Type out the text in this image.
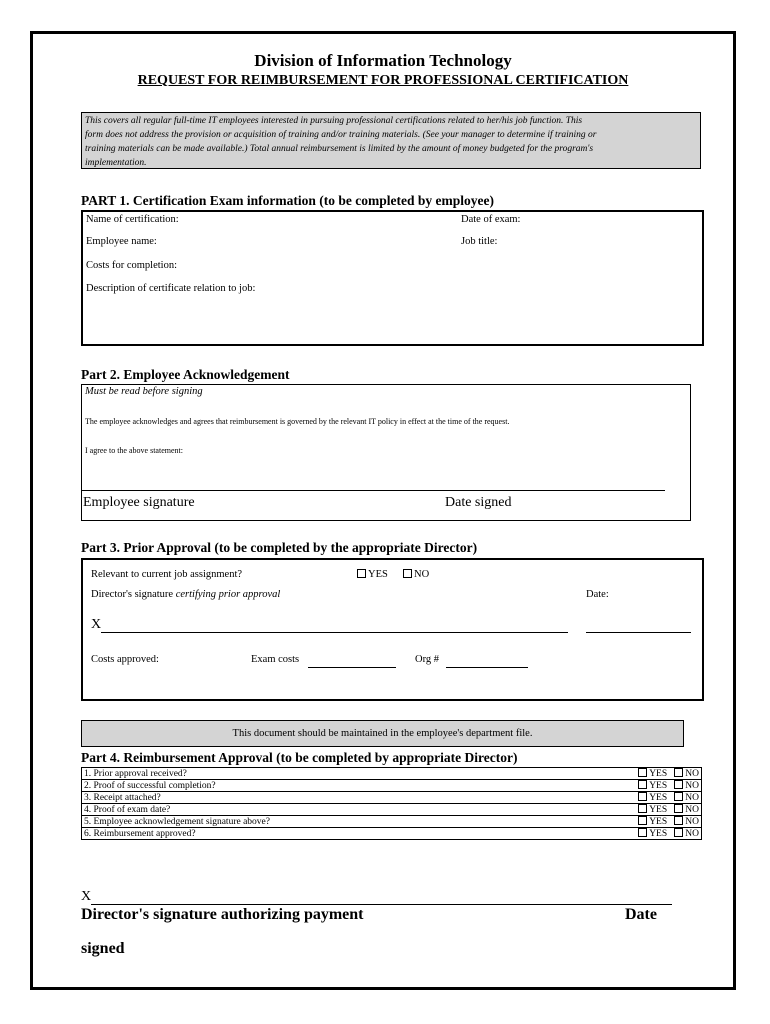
Division of Information Technology
REQUEST FOR REIMBURSEMENT FOR PROFESSIONAL CERTIFICATION
This covers all regular full-time IT employees interested in pursuing professional certifications related to her/his job function. This
form does not address the provision or acquisition of training and/or training materials. (See your manager to determine if training or
training materials can be made available.) Total annual reimbursement is limited by the amount of money budgeted for the program's
implementation.
PART 1. Certification Exam information (to be completed by employee)
Name of certification:	Date of exam:
Employee name:	Job title:
Costs for completion:
Description of certificate relation to job:
Part 2. Employee Acknowledgement
Must be read before signing
The employee acknowledges and agrees that reimbursement is governed by the relevant IT policy in effect at the time of the request.
I agree to the above statement:
Employee signature	Date signed
Part 3. Prior Approval (to be completed by the appropriate Director)
Relevant to current job assignment?	YES	NO
Director's signature certifying prior approval	Date:
X
Costs approved:	Exam costs	Org #
This document should be maintained in the employee's department file.
Part 4. Reimbursement Approval (to be completed by appropriate Director)
1. Prior approval received?	YES NO
2. Proof of successful completion?	YES NO
3. Receipt attached?	YES NO
4. Proof of exam date?	YES NO
5. Employee acknowledgement signature above?	YES NO
6. Reimbursement approved?	YES NO
X
Director's signature authorizing payment	Date
signed
